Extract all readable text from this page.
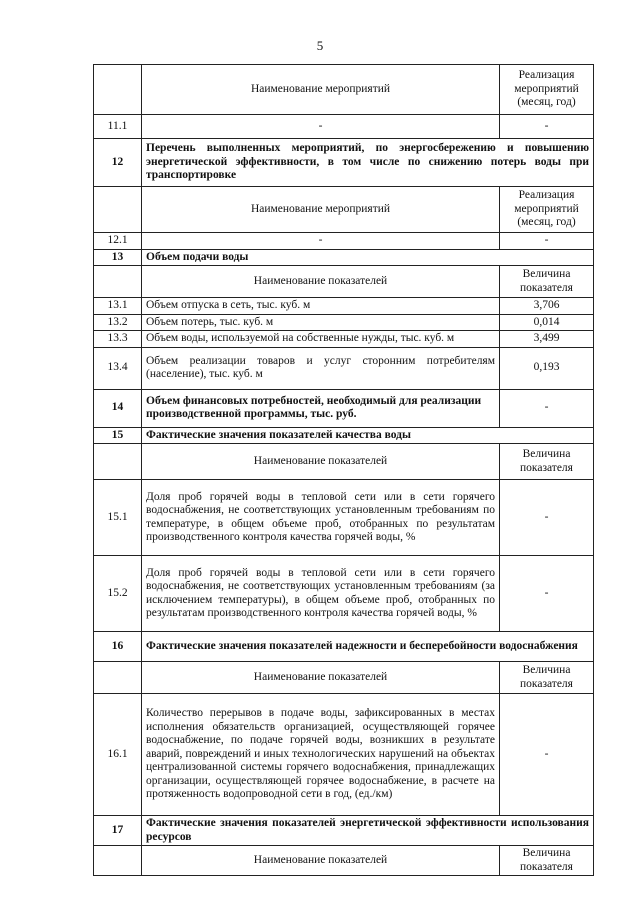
5
	Наименование мероприятий	Реализация мероприятий (месяц, год)
11.1	-	-
12	Перечень выполненных мероприятий, по энергосбережению и повышению энергетической эффективности, в том числе по снижению потерь воды при транспортировке	
	Наименование мероприятий	Реализация мероприятий (месяц, год)
12.1	-	-
13	Объем подачи воды	
	Наименование показателей	Величина показателя
13.1	Объем отпуска в сеть, тыс. куб. м	3,706
13.2	Объем потерь, тыс. куб. м	0,014
13.3	Объем воды, используемой на собственные нужды, тыс. куб. м	3,499
13.4	Объем реализации товаров и услуг сторонним потребителям (население), тыс. куб. м	0,193
14	Объем финансовых потребностей, необходимый для реализации производственной программы, тыс. руб.	-
15	Фактические значения показателей качества воды	
	Наименование показателей	Величина показателя
15.1	Доля проб горячей воды в тепловой сети или в сети горячего водоснабжения, не соответствующих установленным требованиям по температуре, в общем объеме проб, отобранных по результатам производственного контроля качества горячей воды, %	-
15.2	Доля проб горячей воды в тепловой сети или в сети горячего водоснабжения, не соответствующих установленным требованиям (за исключением температуры), в общем объеме проб, отобранных по результатам производственного контроля качества горячей воды, %	-
16	Фактические значения показателей надежности и бесперебойности водоснабжения	
	Наименование показателей	Величина показателя
16.1	Количество перерывов в подаче воды, зафиксированных в местах исполнения обязательств организацией, осуществляющей горячее водоснабжение, по подаче горячей воды, возникших в результате аварий, повреждений и иных технологических нарушений на объектах централизованной системы горячего водоснабжения, принадлежащих организации, осуществляющей горячее водоснабжение, в расчете на протяженность водопроводной сети в год, (ед./км)	-
17	Фактические значения показателей энергетической эффективности использования ресурсов	
	Наименование показателей	Величина показателя
